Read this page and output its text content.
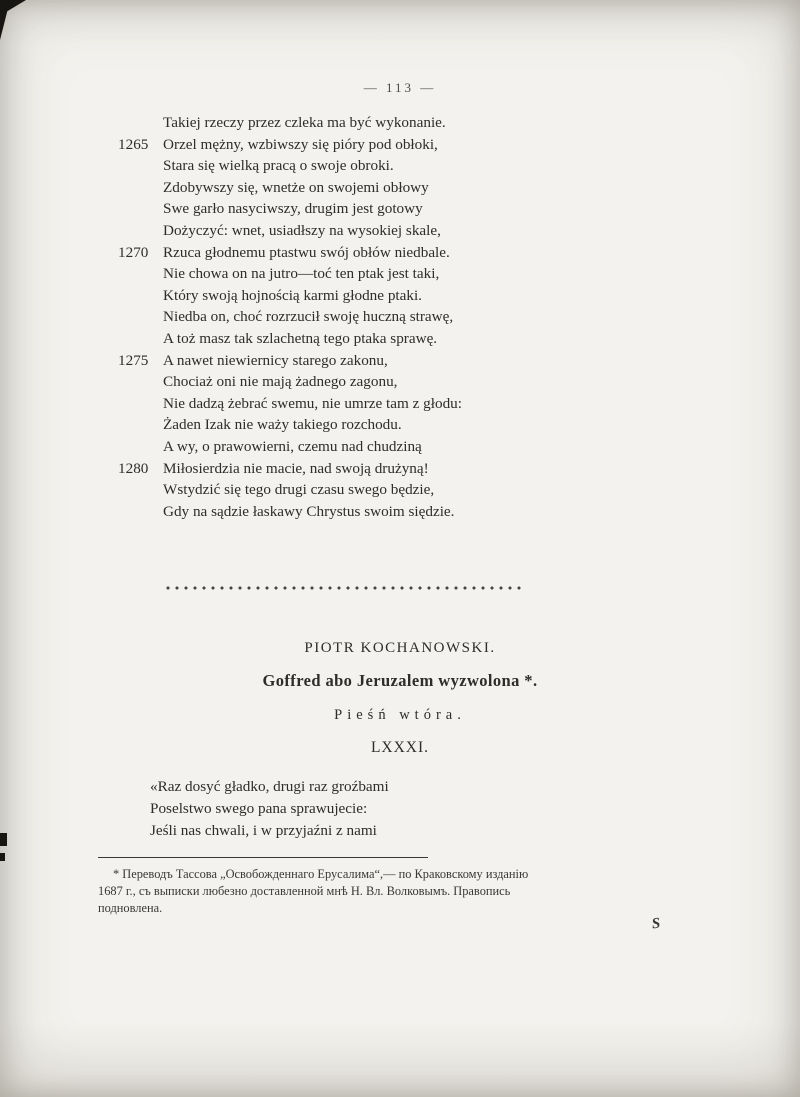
— 113 —
Takiej rzeczy przez czleka ma być wykonanie.
1265 Orzel mężny, wzbiwszy się pióry pod obłoki,
Stara się wielką pracą o swoje obroki.
Zdobywszy się, wnetże on swojemi obłowy
Swe garło nasyciwszy, drugim jest gotowy
Dożyczyć: wnet, usiadłszy na wysokiej skale,
1270 Rzuca głodnemu ptastwu swój obłów niedbale.
Nie chowa on na jutro—toć ten ptak jest taki,
Który swoją hojnością karmi głodne ptaki.
Niedba on, choć rozrzucił swoję huczną strawę,
A toż masz tak szlachetną tego ptaka sprawę.
1275 A nawet niewiernicy starego zakonu,
Chociaż oni nie mają żadnego zagonu,
Nie dadzą żebrać swemu, nie umrze tam z głodu:
Żaden Izak nie waży takiego rozchodu.
A wy, o prawowierni, czemu nad chudziną
1280 Miłosierdzia nie macie, nad swoją drużyną!
Wstydzić się tego drugi czasu swego będzie,
Gdy na sądzie łaskawy Chrystus swoim siędzie.
PIOTR KOCHANOWSKI.
Goffred abo Jeruzalem wyzwolona *.
Pieśń wtóra.
LXXXI.
«Raz dosyć gładko, drugi raz groźbami
Poselstwo swego pana sprawujecie:
Jeśli nas chwali, i w przyjaźni z nami
* Переводъ Тассова „Освобожденнаго Ерусалима“,— по Краковскому изданію
1687 г., съ выписки любезно доставленной мнѣ Н. Вл. Волковымъ. Правопись
подновлена.
S
